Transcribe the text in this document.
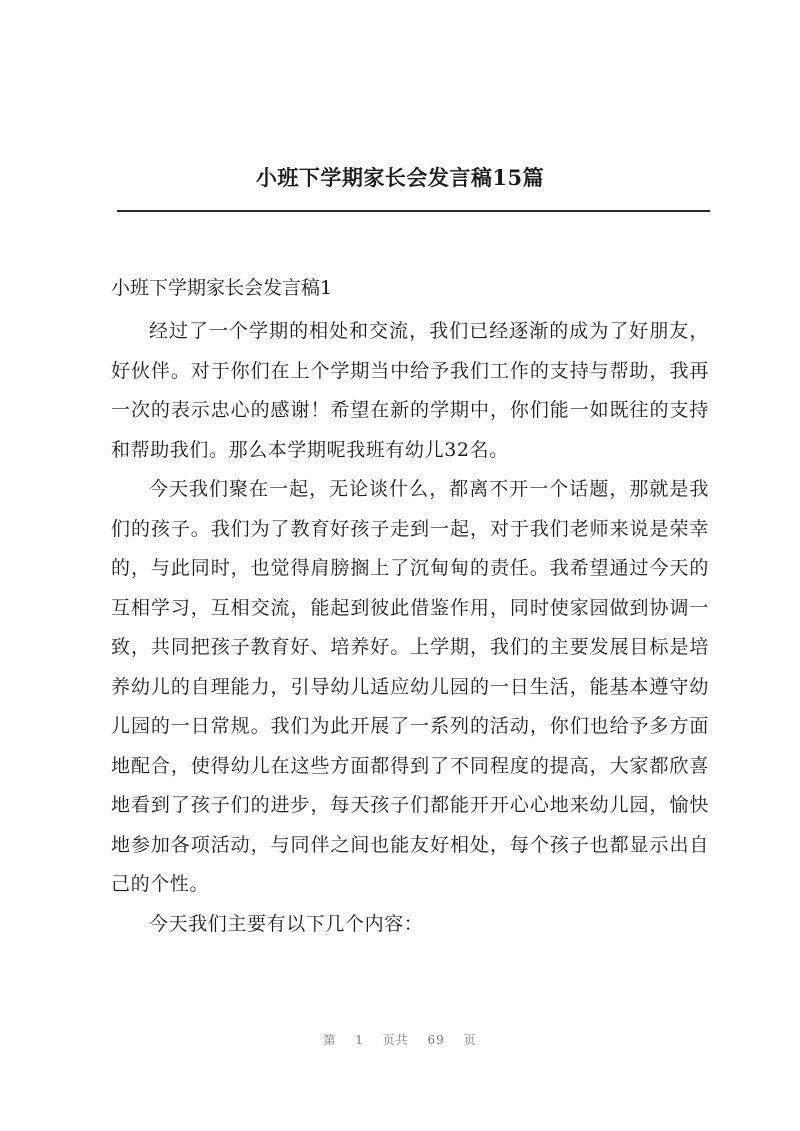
小班下学期家长会发言稿15篇
小班下学期家长会发言稿1

经过了一个学期的相处和交流，我们已经逐渐的成为了好朋友，好伙伴。对于你们在上个学期当中给予我们工作的支持与帮助，我再一次的表示忠心的感谢！希望在新的学期中，你们能一如既往的支持和帮助我们。那么本学期呢我班有幼儿32名。

今天我们聚在一起，无论谈什么，都离不开一个话题，那就是我们的孩子。我们为了教育好孩子走到一起，对于我们老师来说是荣幸的，与此同时，也觉得肩膀搁上了沉甸甸的责任。我希望通过今天的互相学习，互相交流，能起到彼此借鉴作用，同时使家园做到协调一致，共同把孩子教育好、培养好。上学期，我们的主要发展目标是培养幼儿的自理能力，引导幼儿适应幼儿园的一日生活，能基本遵守幼儿园的一日常规。我们为此开展了一系列的活动，你们也给予多方面地配合，使得幼儿在这些方面都得到了不同程度的提高，大家都欣喜地看到了孩子们的进步，每天孩子们都能开开心心地来幼儿园，愉快地参加各项活动，与同伴之间也能友好相处，每个孩子也都显示出自己的个性。

今天我们主要有以下几个内容：

第 1 页共 69 页
